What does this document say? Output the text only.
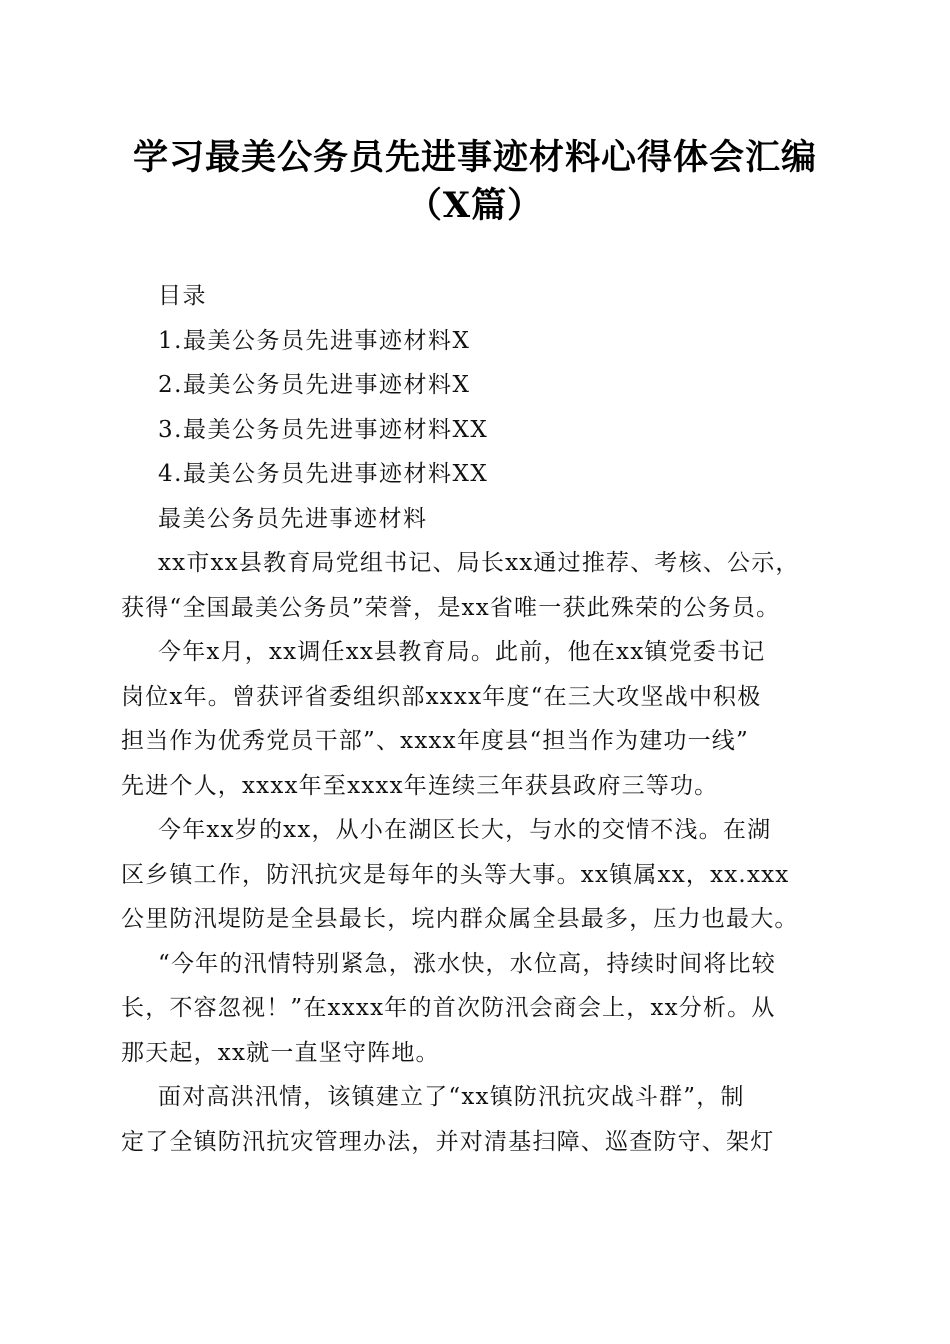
学习最美公务员先进事迹材料心得体会汇编
（X篇）
目录
1.最美公务员先进事迹材料X
2.最美公务员先进事迹材料X
3.最美公务员先进事迹材料XX
4.最美公务员先进事迹材料XX
最美公务员先进事迹材料
xx市xx县教育局党组书记、局长xx通过推荐、考核、公示，
获得“全国最美公务员”荣誉，是xx省唯一获此殊荣的公务员。
今年x月，xx调任xx县教育局。此前，他在xx镇党委书记
岗位x年。曾获评省委组织部xxxx年度“在三大攻坚战中积极
担当作为优秀党员干部”、xxxx年度县“担当作为建功一线”
先进个人，xxxx年至xxxx年连续三年获县政府三等功。
今年xx岁的xx，从小在湖区长大，与水的交情不浅。在湖
区乡镇工作，防汛抗灾是每年的头等大事。xx镇属xx，xx.xxx
公里防汛堤防是全县最长，垸内群众属全县最多，压力也最大。
“今年的汛情特别紧急，涨水快，水位高，持续时间将比较
长，不容忽视！”在xxxx年的首次防汛会商会上，xx分析。从
那天起，xx就一直坚守阵地。
面对高洪汛情，该镇建立了“xx镇防汛抗灾战斗群”，制
定了全镇防汛抗灾管理办法，并对清基扫障、巡查防守、架灯
